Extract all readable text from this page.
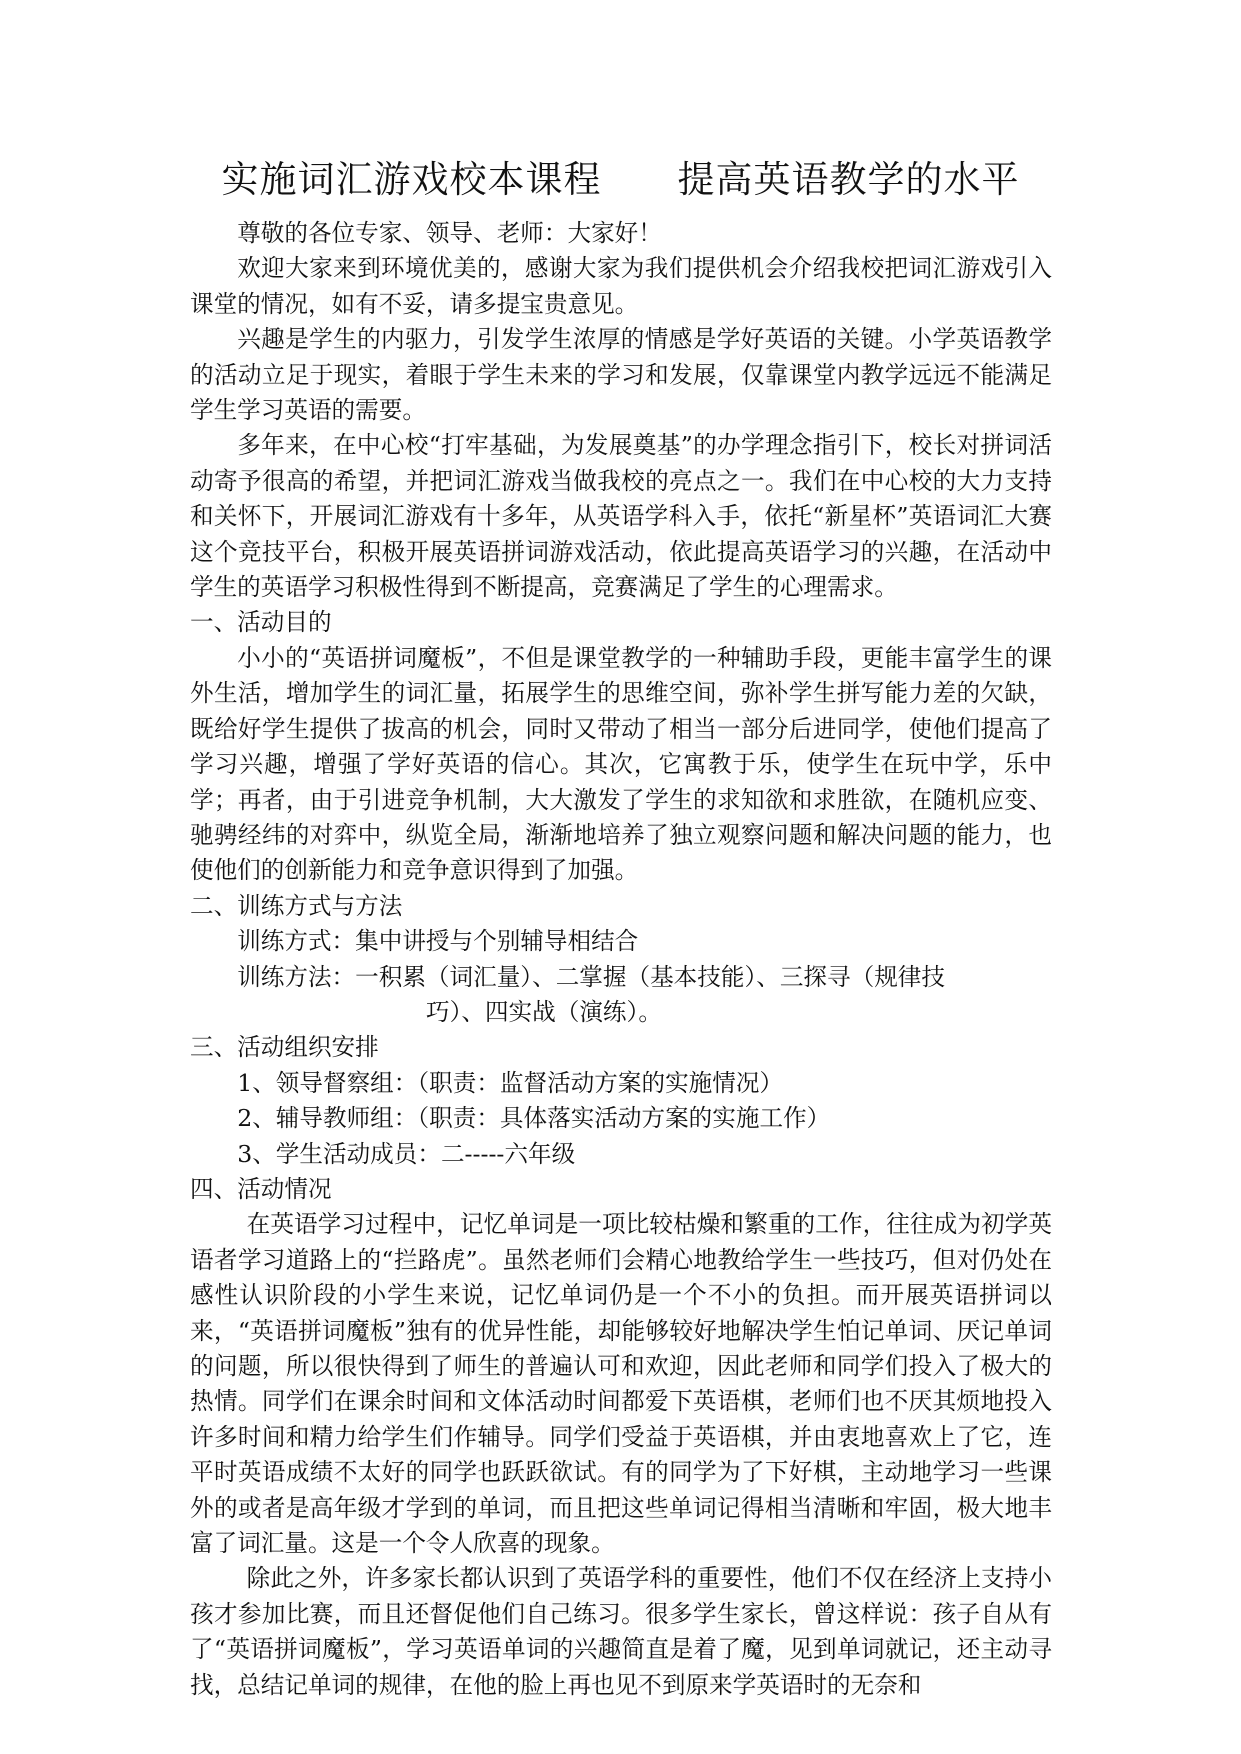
实施词汇游戏校本课程　　提高英语教学的水平

尊敬的各位专家、领导、老师：大家好！

欢迎大家来到环境优美的，感谢大家为我们提供机会介绍我校把词汇游戏引入课堂的情况，如有不妥，请多提宝贵意见。

兴趣是学生的内驱力，引发学生浓厚的情感是学好英语的关键。小学英语教学的活动立足于现实，着眼于学生未来的学习和发展，仅靠课堂内教学远远不能满足学生学习英语的需要。

多年来，在中心校“打牢基础，为发展奠基”的办学理念指引下，校长对拼词活动寄予很高的希望，并把词汇游戏当做我校的亮点之一。我们在中心校的大力支持和关怀下，开展词汇游戏有十多年，从英语学科入手，依托“新星杯”英语词汇大赛这个竞技平台，积极开展英语拼词游戏活动，依此提高英语学习的兴趣，在活动中学生的英语学习积极性得到不断提高，竞赛满足了学生的心理需求。

一、活动目的

小小的“英语拼词魔板”，不但是课堂教学的一种辅助手段，更能丰富学生的课外生活，增加学生的词汇量，拓展学生的思维空间，弥补学生拼写能力差的欠缺，既给好学生提供了拔高的机会，同时又带动了相当一部分后进同学，使他们提高了学习兴趣，增强了学好英语的信心。其次，它寓教于乐，使学生在玩中学，乐中学；再者，由于引进竞争机制，大大激发了学生的求知欲和求胜欲，在随机应变、驰骋经纬的对弈中，纵览全局，渐渐地培养了独立观察问题和解决问题的能力，也使他们的创新能力和竞争意识得到了加强。

二、训练方式与方法

训练方式：集中讲授与个别辅导相结合

训练方法：一积累（词汇量）、二掌握（基本技能）、三探寻（规律技
巧）、四实战（演练）。

三、活动组织安排

1、领导督察组：（职责：监督活动方案的实施情况）

2、辅导教师组：（职责：具体落实活动方案的实施工作）

3、学生活动成员：二-----六年级

四、活动情况

在英语学习过程中，记忆单词是一项比较枯燥和繁重的工作，往往成为初学英语者学习道路上的“拦路虎”。虽然老师们会精心地教给学生一些技巧，但对仍处在感性认识阶段的小学生来说，记忆单词仍是一个不小的负担。而开展英语拼词以来，“英语拼词魔板”独有的优异性能，却能够较好地解决学生怕记单词、厌记单词的问题，所以很快得到了师生的普遍认可和欢迎，因此老师和同学们投入了极大的热情。同学们在课余时间和文体活动时间都爱下英语棋，老师们也不厌其烦地投入许多时间和精力给学生们作辅导。同学们受益于英语棋，并由衷地喜欢上了它，连平时英语成绩不太好的同学也跃跃欲试。有的同学为了下好棋，主动地学习一些课外的或者是高年级才学到的单词，而且把这些单词记得相当清晰和牢固，极大地丰富了词汇量。这是一个令人欣喜的现象。

除此之外，许多家长都认识到了英语学科的重要性，他们不仅在经济上支持小孩才参加比赛，而且还督促他们自己练习。很多学生家长，曾这样说：孩子自从有了“英语拼词魔板”，学习英语单词的兴趣简直是着了魔，见到单词就记，还主动寻找，总结记单词的规律，在他的脸上再也见不到原来学英语时的无奈和
